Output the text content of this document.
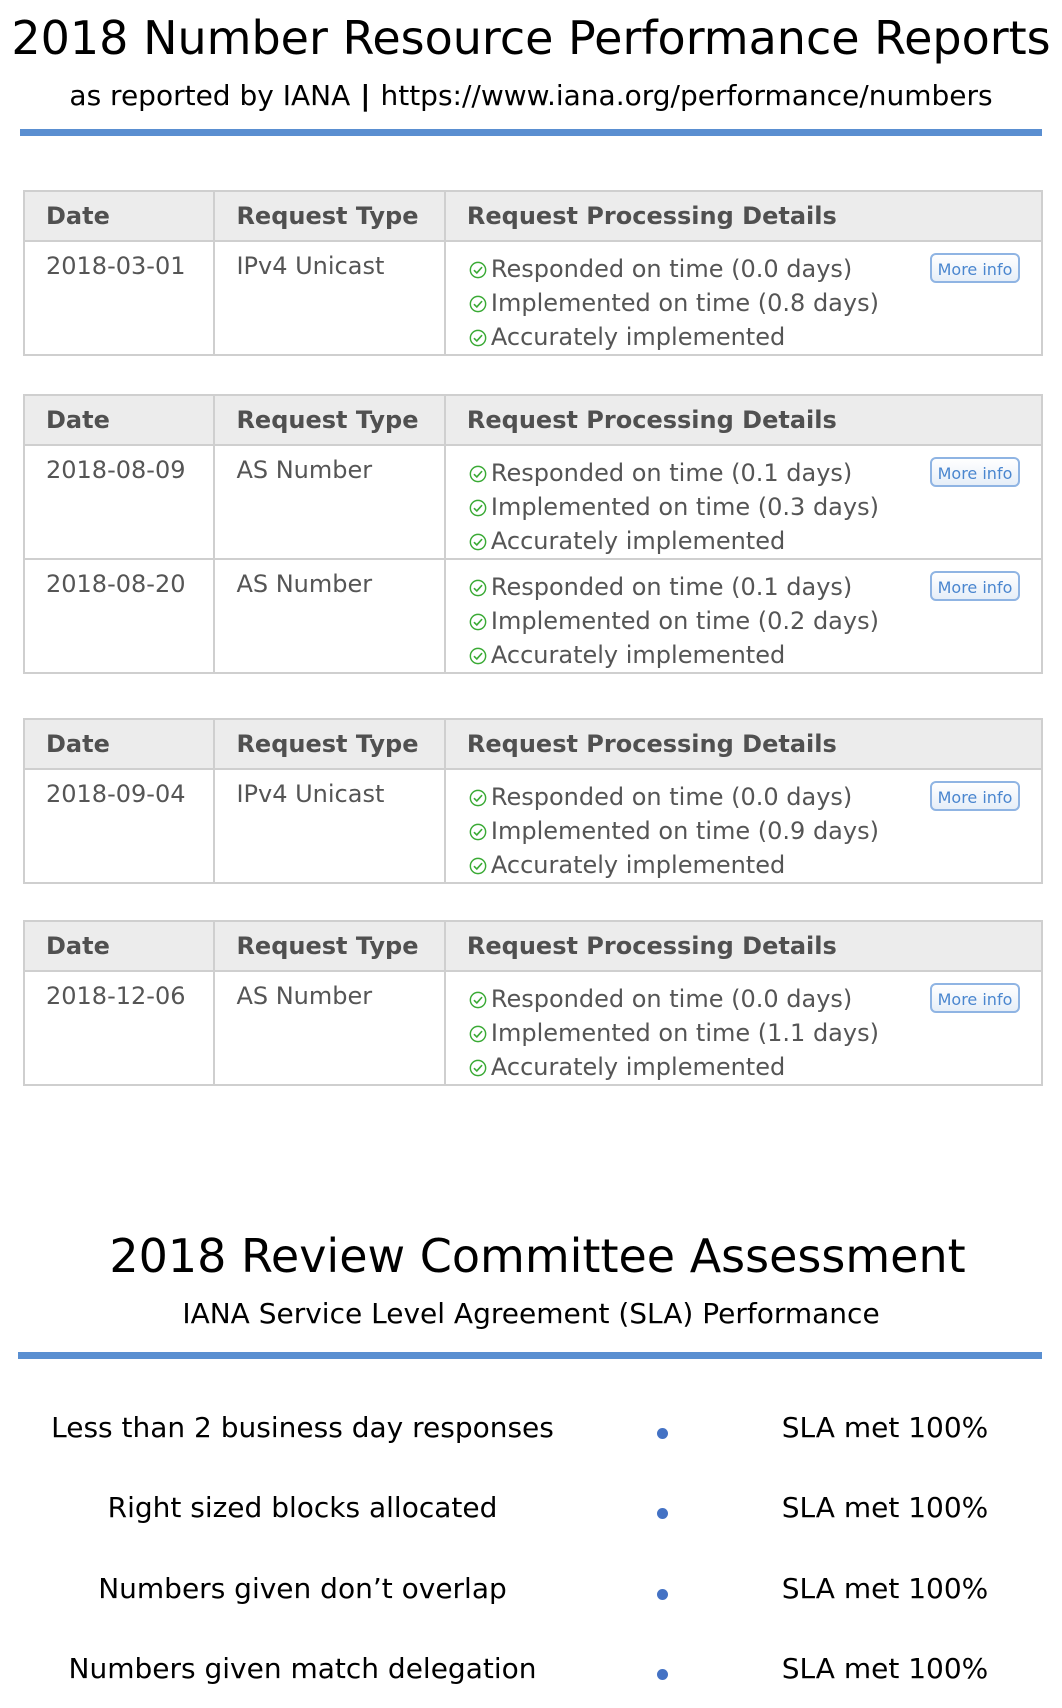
2018 Number Resource Performance Reports
as reported by IANA | https://www.iana.org/performance/numbers
Date	Request Type	Request Processing Details
2018-03-01	IPv4 Unicast	Responded on time (0.0 days)
Implemented on time (0.8 days)
Accurately implemented
More info
Date	Request Type	Request Processing Details
2018-08-09	AS Number	Responded on time (0.1 days)
Implemented on time (0.3 days)
Accurately implemented
More info

2018-08-20	AS Number	Responded on time (0.1 days)
Implemented on time (0.2 days)
Accurately implemented
More info
Date	Request Type	Request Processing Details
2018-09-04	IPv4 Unicast	Responded on time (0.0 days)
Implemented on time (0.9 days)
Accurately implemented
More info
Date	Request Type	Request Processing Details
2018-12-06	AS Number	Responded on time (0.0 days)
Implemented on time (1.1 days)
Accurately implemented
More info
2018 Review Committee Assessment
IANA Service Level Agreement (SLA) Performance
Less than 2 business day responses	SLA met 100%
Right sized blocks allocated	SLA met 100%
Numbers given don’t overlap	SLA met 100%
Numbers given match delegation	SLA met 100%
